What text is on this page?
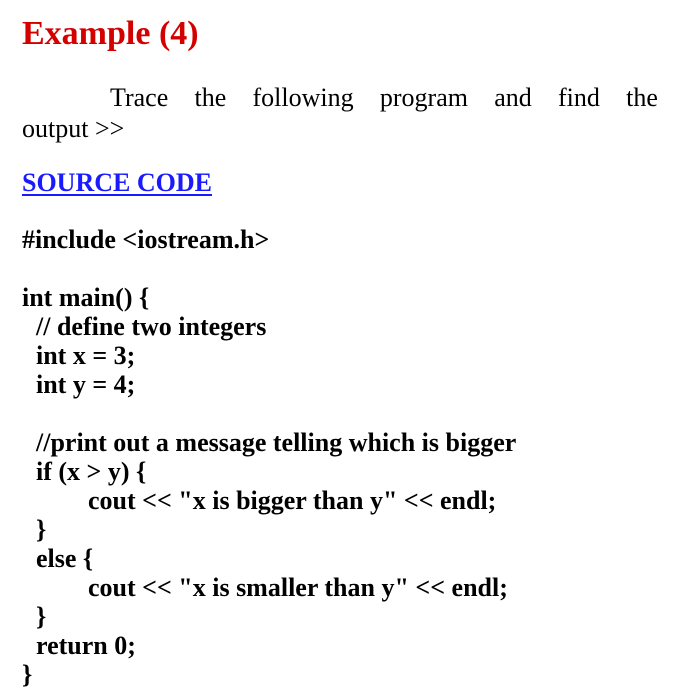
Example (4)
Trace the following program and find the
output >>
SOURCE CODE
#include <iostream.h>
int main() {
// define two integers
int x = 3;
int y = 4;
//print out a message telling which is bigger
if (x > y) {
cout << "x is bigger than y" << endl;
}
else {
cout << "x is smaller than y" << endl;
}
return 0;
}
